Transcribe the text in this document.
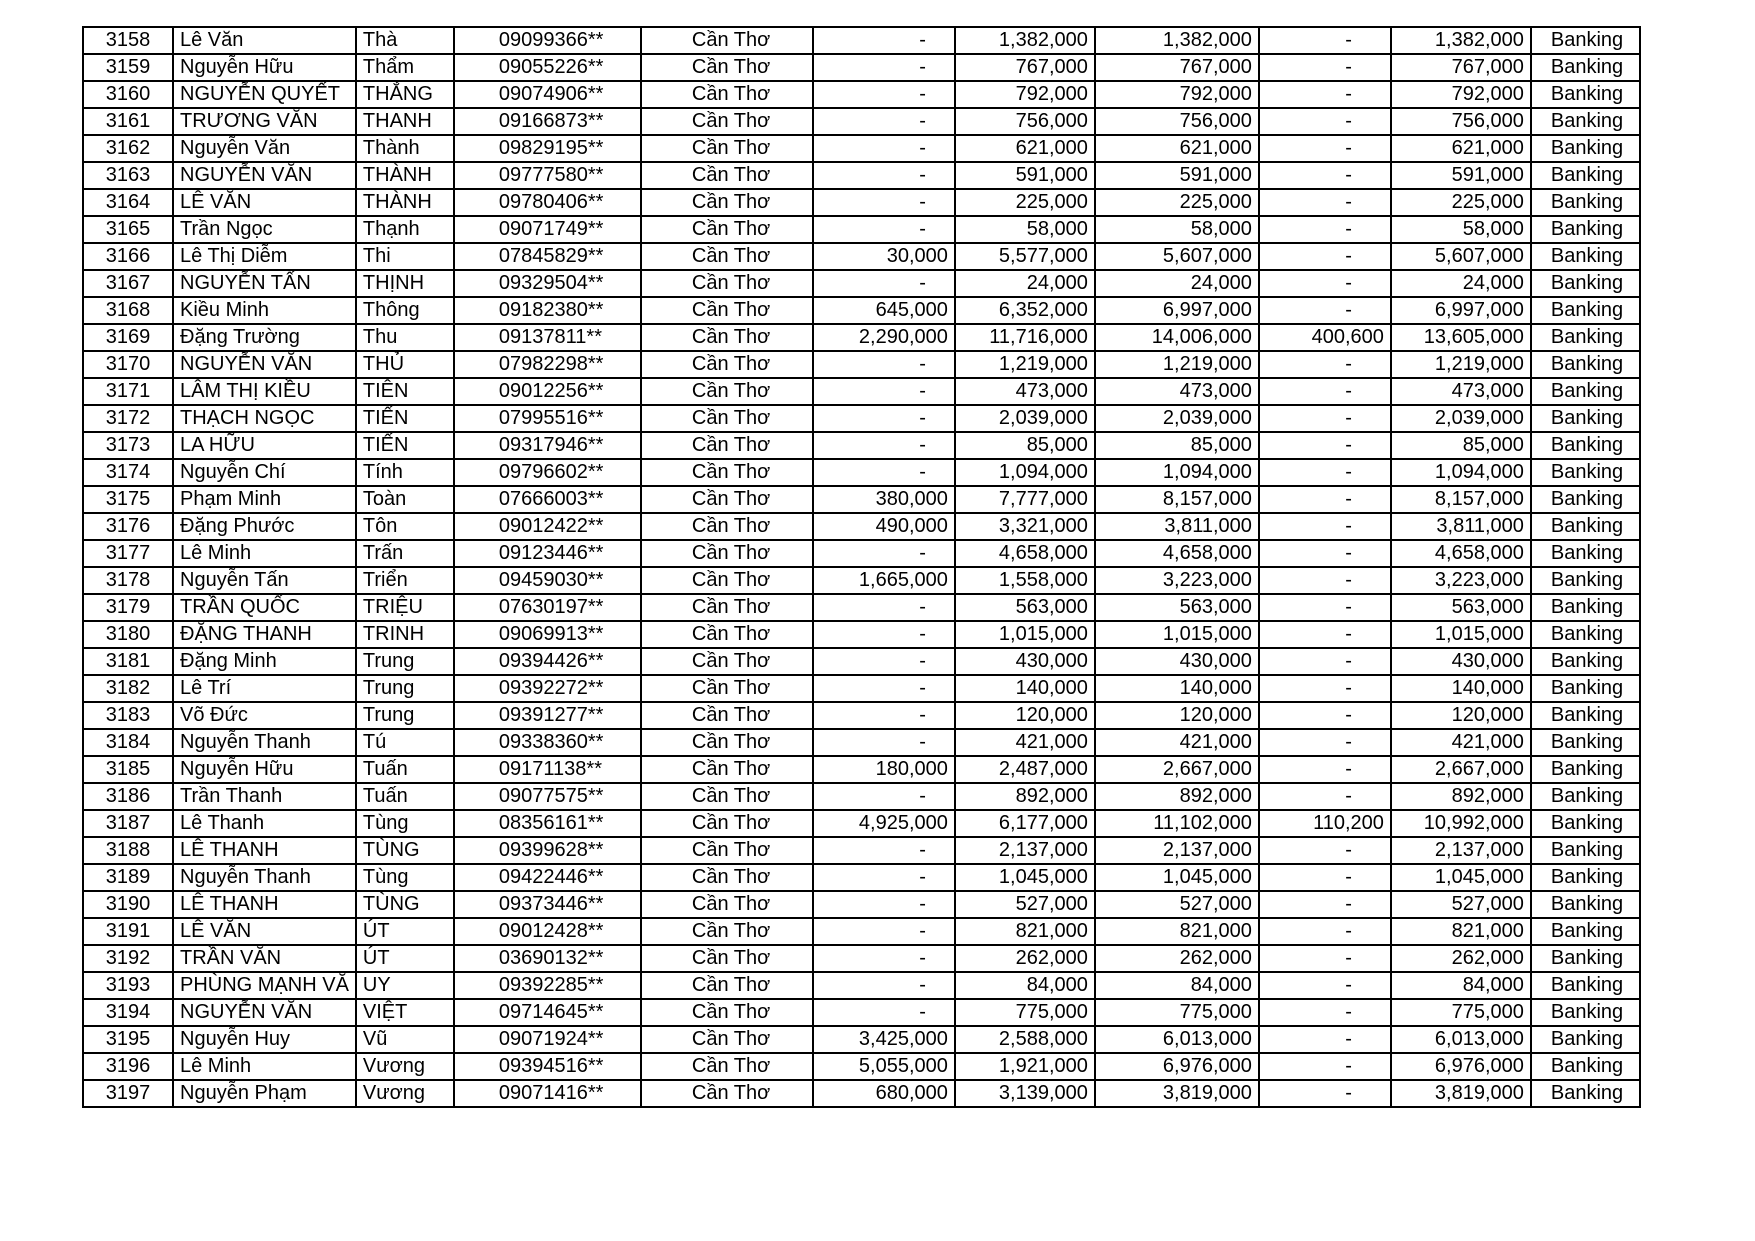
3158	Lê Văn	Thà	09099366**	Cần Thơ	-	1,382,000	1,382,000	-	1,382,000	Banking
3159	Nguyễn Hữu	Thẩm	09055226**	Cần Thơ	-	767,000	767,000	-	767,000	Banking
3160	NGUYỄN QUYẾT	THẮNG	09074906**	Cần Thơ	-	792,000	792,000	-	792,000	Banking
3161	TRƯƠNG VĂN	THANH	09166873**	Cần Thơ	-	756,000	756,000	-	756,000	Banking
3162	Nguyễn Văn	Thành	09829195**	Cần Thơ	-	621,000	621,000	-	621,000	Banking
3163	NGUYỄN VĂN	THÀNH	09777580**	Cần Thơ	-	591,000	591,000	-	591,000	Banking
3164	LÊ VĂN	THÀNH	09780406**	Cần Thơ	-	225,000	225,000	-	225,000	Banking
3165	Trần Ngọc	Thạnh	09071749**	Cần Thơ	-	58,000	58,000	-	58,000	Banking
3166	Lê Thị Diễm	Thi	07845829**	Cần Thơ	30,000	5,577,000	5,607,000	-	5,607,000	Banking
3167	NGUYỄN TẤN	THỊNH	09329504**	Cần Thơ	-	24,000	24,000	-	24,000	Banking
3168	Kiều Minh	Thông	09182380**	Cần Thơ	645,000	6,352,000	6,997,000	-	6,997,000	Banking
3169	Đặng Trường	Thu	09137811**	Cần Thơ	2,290,000	11,716,000	14,006,000	400,600	13,605,000	Banking
3170	NGUYỄN VĂN	THỦ	07982298**	Cần Thơ	-	1,219,000	1,219,000	-	1,219,000	Banking
3171	LÂM THỊ KIỀU	TIÊN	09012256**	Cần Thơ	-	473,000	473,000	-	473,000	Banking
3172	THẠCH NGỌC	TIẾN	07995516**	Cần Thơ	-	2,039,000	2,039,000	-	2,039,000	Banking
3173	LA HỮU	TIẾN	09317946**	Cần Thơ	-	85,000	85,000	-	85,000	Banking
3174	Nguyễn Chí	Tính	09796602**	Cần Thơ	-	1,094,000	1,094,000	-	1,094,000	Banking
3175	Phạm Minh	Toàn	07666003**	Cần Thơ	380,000	7,777,000	8,157,000	-	8,157,000	Banking
3176	Đặng Phước	Tôn	09012422**	Cần Thơ	490,000	3,321,000	3,811,000	-	3,811,000	Banking
3177	Lê Minh	Trấn	09123446**	Cần Thơ	-	4,658,000	4,658,000	-	4,658,000	Banking
3178	Nguyễn Tấn	Triển	09459030**	Cần Thơ	1,665,000	1,558,000	3,223,000	-	3,223,000	Banking
3179	TRẦN QUỐC	TRIỆU	07630197**	Cần Thơ	-	563,000	563,000	-	563,000	Banking
3180	ĐẶNG THANH	TRINH	09069913**	Cần Thơ	-	1,015,000	1,015,000	-	1,015,000	Banking
3181	Đặng Minh	Trung	09394426**	Cần Thơ	-	430,000	430,000	-	430,000	Banking
3182	Lê Trí	Trung	09392272**	Cần Thơ	-	140,000	140,000	-	140,000	Banking
3183	Võ Đức	Trung	09391277**	Cần Thơ	-	120,000	120,000	-	120,000	Banking
3184	Nguyễn Thanh	Tú	09338360**	Cần Thơ	-	421,000	421,000	-	421,000	Banking
3185	Nguyễn Hữu	Tuấn	09171138**	Cần Thơ	180,000	2,487,000	2,667,000	-	2,667,000	Banking
3186	Trần Thanh	Tuấn	09077575**	Cần Thơ	-	892,000	892,000	-	892,000	Banking
3187	Lê Thanh	Tùng	08356161**	Cần Thơ	4,925,000	6,177,000	11,102,000	110,200	10,992,000	Banking
3188	LÊ THANH	TÙNG	09399628**	Cần Thơ	-	2,137,000	2,137,000	-	2,137,000	Banking
3189	Nguyễn Thanh	Tùng	09422446**	Cần Thơ	-	1,045,000	1,045,000	-	1,045,000	Banking
3190	LÊ THANH	TÙNG	09373446**	Cần Thơ	-	527,000	527,000	-	527,000	Banking
3191	LÊ VĂN	ÚT	09012428**	Cần Thơ	-	821,000	821,000	-	821,000	Banking
3192	TRẦN VĂN	ÚT	03690132**	Cần Thơ	-	262,000	262,000	-	262,000	Banking
3193	PHÙNG MẠNH VĂ	UY	09392285**	Cần Thơ	-	84,000	84,000	-	84,000	Banking
3194	NGUYỄN VĂN	VIỆT	09714645**	Cần Thơ	-	775,000	775,000	-	775,000	Banking
3195	Nguyễn Huy	Vũ	09071924**	Cần Thơ	3,425,000	2,588,000	6,013,000	-	6,013,000	Banking
3196	Lê Minh	Vương	09394516**	Cần Thơ	5,055,000	1,921,000	6,976,000	-	6,976,000	Banking
3197	Nguyễn Phạm	Vương	09071416**	Cần Thơ	680,000	3,139,000	3,819,000	-	3,819,000	Banking
